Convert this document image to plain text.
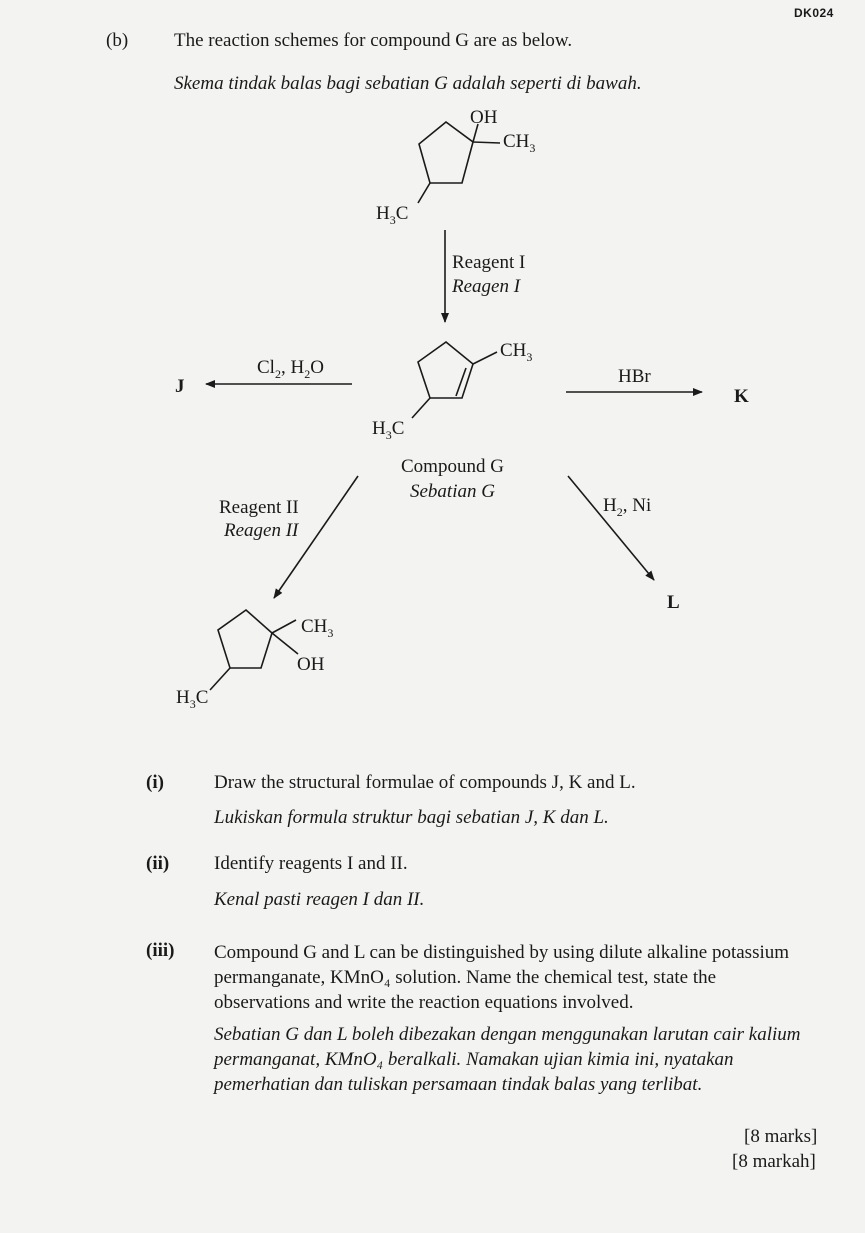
DK024
(b) The reaction schemes for compound G are as below.
Skema tindak balas bagi sebatian G adalah seperti di bawah.
OH
$CH_3$
$H_3C$
Reagent I
Reagen I
$CH_3$
$H_3C$
Compound G
Sebatian G
$Cl_2$, $H_2O$
J	HBr
K
Reagent II
Reagen II
$H_2$, Ni
L
$CH_3$
OH
$H_3C$
(i)	Draw the structural formulae of compounds J, K and L.
Lukiskan formula struktur bagi sebatian J, K dan L.
(ii) Identify reagents I and II.
Kenal pasti reagen I dan II.
(iii) Compound G and L can be distinguished by using dilute alkaline potassium permanganate, KMnO₄ solution. Name the chemical test, state the observations and write the reaction equations involved.
Sebatian G dan L boleh dibezakan dengan menggunakan larutan cair kalium permanganat, KMnO₄ beralkali. Namakan ujian kimia ini, nyatakan pemerhatian dan tuliskan persamaan tindak balas yang terlibat.
[8 marks]
[8 markah]
